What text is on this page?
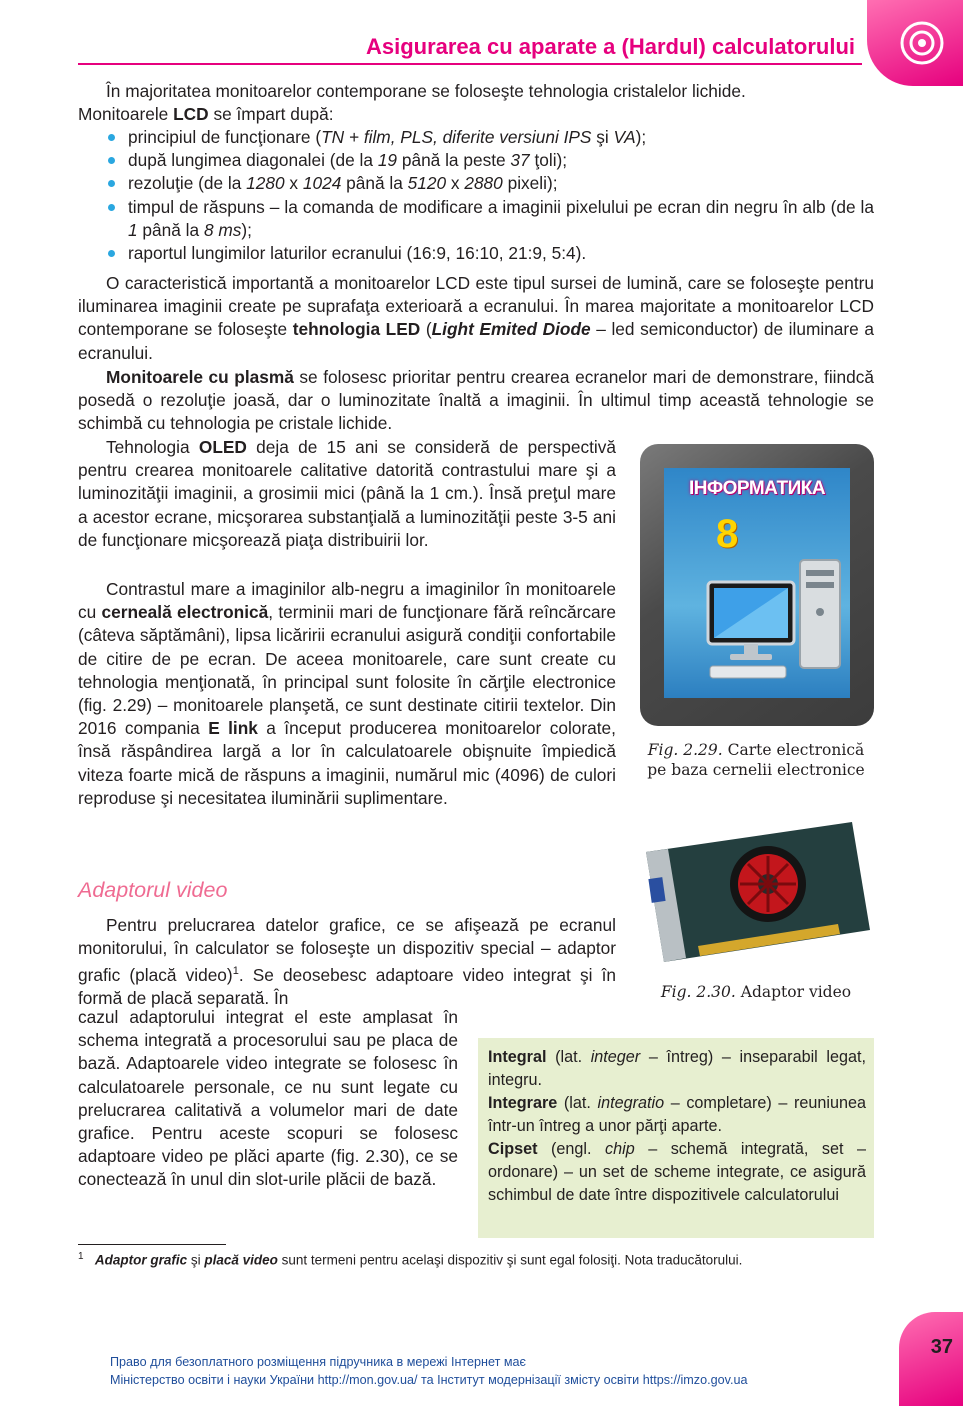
Asigurarea cu aparate a (Hardul) calculatorului

În majoritatea monitoarelor contemporane se foloseşte tehnologia cristalelor lichide.
Monitoarele LCD se împart după:

principiul de funcţionare (TN + film, PLS, diferite versiuni IPS şi VA);
după lungimea diagonalei (de la 19 până la peste 37 ţoli);
rezoluţie (de la 1280 x 1024 până la 5120 x 2880 pixeli);
timpul de răspuns – la comanda de modificare a imaginii pixelului pe ecran din negru în alb (de la 1 până la 8 ms);
raportul lungimilor laturilor ecranului (16:9, 16:10, 21:9, 5:4).

O caracteristică importantă a monitoarelor LCD este tipul sursei de lumină, care se foloseşte pentru iluminarea imaginii create pe suprafaţa exterioară a ecranului. În marea majoritate a monitoarelor LCD contemporane se foloseşte tehnologia LED (Light Emited Diode – led semiconductor) de iluminare a ecranului.

Monitoarele cu plasmă se folosesc prioritar pentru crearea ecranelor mari de demonstrare, fiindcă posedă o rezoluţie joasă, dar o luminozitate înaltă a imaginii. În ultimul timp această tehnologie se schimbă cu tehnologia pe cristale lichide.

Tehnologia OLED deja de 15 ani se consideră de perspectivă pentru crearea monitoarele calitative datorită contrastului mare şi a luminozităţii imaginii, a grosimii mici (până la 1 cm.). Însă preţul mare a acestor ecrane, micşorarea substanţială a luminozităţii peste 3-5 ani de funcţionare micşorează piaţa distribuirii lor.

Contrastul mare a imaginilor alb-negru a imaginilor în monitoarele cu cerneală electronică, terminii mari de funcţionare fără reîncărcare (câteva săptămâni), lipsa licăririi ecranului asigură condiţii confortabile de citire de pe ecran. De aceea monitoarele, care sunt create cu tehnologia menţionată, în principal sunt folosite în cărţile electronice (fig. 2.29) – monitoarele planşetă, ce sunt destinate citirii textelor. Din 2016 compania E link a început producerea monitoarelor colorate, însă răspândirea largă a lor în calculatoarele obişnuite împiedică viteza foarte mică de răspuns a imaginii, numărul mic (4096) de culori reproduse şi necesitatea iluminării suplimentare.

ІНФОРМАТИКА
8
Fig. 2.29. Carte electronică pe baza cernelii electronice
Fig. 2.30. Adaptor video
Adaptorul video

Pentru prelucrarea datelor grafice, ce se afişează pe ecranul monitorului, în calculator se foloseşte un dispozitiv special – adaptor grafic (placă video)$^1$. Se deosebesc adaptoare video integrat şi în formă de placă separată. În

cazul adaptorului integrat el este amplasat în schema integrată a procesorului sau pe placa de bază. Adaptoarele video integrate se folosesc în calculatoarele personale, ce nu sunt legate cu prelucrarea calitativă a volumelor mari de date grafice. Pentru aceste scopuri se folosesc adaptoare video pe plăci aparte (fig. 2.30), ce se conectează în unul din slot-urile plăcii de bază.

Integral (lat. integer – întreg) – inseparabil legat, integru.

Integrare (lat. integratio – completare) – reuniunea într-un întreg a unor părţi aparte.

Cipset (engl. chip – schemă integrată, set – ordonare) – un set de scheme integrate, ce asigură schimbul de date între dispozitivele calculatorului

$^1$ Adaptor grafic şi placă video sunt termeni pentru acelaşi dispozitiv şi sunt egal folosiţi. Nota traducătorului.
37
Право для безоплатного розміщення підручника в мережі Інтернет має
Міністерство освіти і науки України http://mon.gov.ua/ та Інститут модернізації змісту освіти https://imzo.gov.ua
